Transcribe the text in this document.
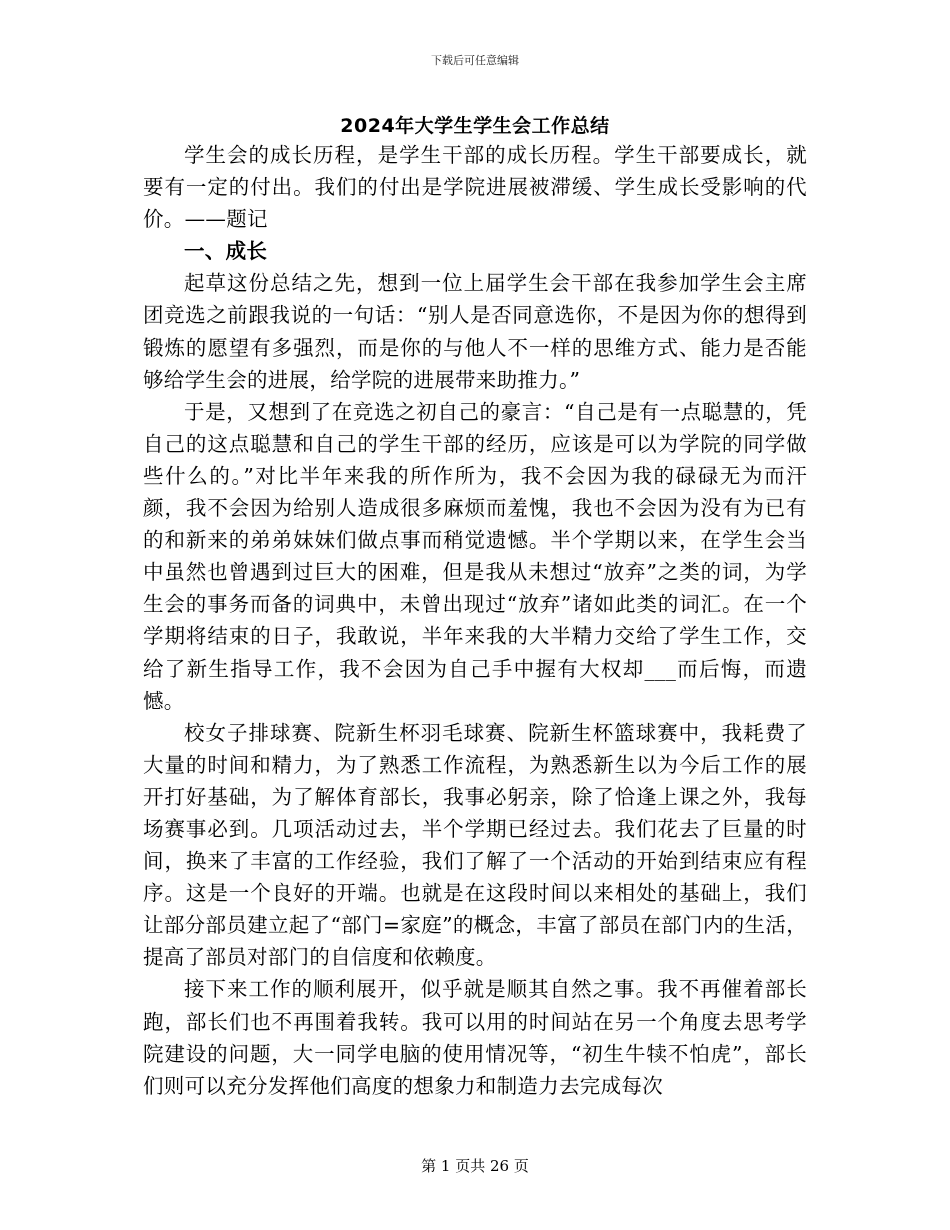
下载后可任意编辑
2024年大学生学生会工作总结

学生会的成长历程，是学生干部的成长历程。学生干部要成长，就要有一定的付出。我们的付出是学院进展被滞缓、学生成长受影响的代价。——题记

一、成长

起草这份总结之先，想到一位上届学生会干部在我参加学生会主席团竞选之前跟我说的一句话：“别人是否同意选你，不是因为你的想得到锻炼的愿望有多强烈，而是你的与他人不一样的思维方式、能力是否能够给学生会的进展，给学院的进展带来助推力。”

于是，又想到了在竞选之初自己的豪言：“自己是有一点聪慧的，凭自己的这点聪慧和自己的学生干部的经历，应该是可以为学院的同学做些什么的。”对比半年来我的所作所为，我不会因为我的碌碌无为而汗颜，我不会因为给别人造成很多麻烦而羞愧，我也不会因为没有为已有的和新来的弟弟妹妹们做点事而稍觉遗憾。半个学期以来，在学生会当中虽然也曾遇到过巨大的困难，但是我从未想过“放弃”之类的词，为学生会的事务而备的词典中，未曾出现过“放弃”诸如此类的词汇。在一个学期将结束的日子，我敢说，半年来我的大半精力交给了学生工作，交给了新生指导工作，我不会因为自己手中握有大权却___而后悔，而遗憾。

校女子排球赛、院新生杯羽毛球赛、院新生杯篮球赛中，我耗费了大量的时间和精力，为了熟悉工作流程，为熟悉新生以为今后工作的展开打好基础，为了解体育部长，我事必躬亲，除了恰逢上课之外，我每场赛事必到。几项活动过去，半个学期已经过去。我们花去了巨量的时间，换来了丰富的工作经验，我们了解了一个活动的开始到结束应有程序。这是一个良好的开端。也就是在这段时间以来相处的基础上，我们让部分部员建立起了“部门=家庭”的概念，丰富了部员在部门内的生活，提高了部员对部门的自信度和依赖度。

接下来工作的顺利展开，似乎就是顺其自然之事。我不再催着部长跑，部长们也不再围着我转。我可以用的时间站在另一个角度去思考学院建设的问题，大一同学电脑的使用情况等，“初生牛犊不怕虎”，部长们则可以充分发挥他们高度的想象力和制造力去完成每次

第 1 页共 26 页
